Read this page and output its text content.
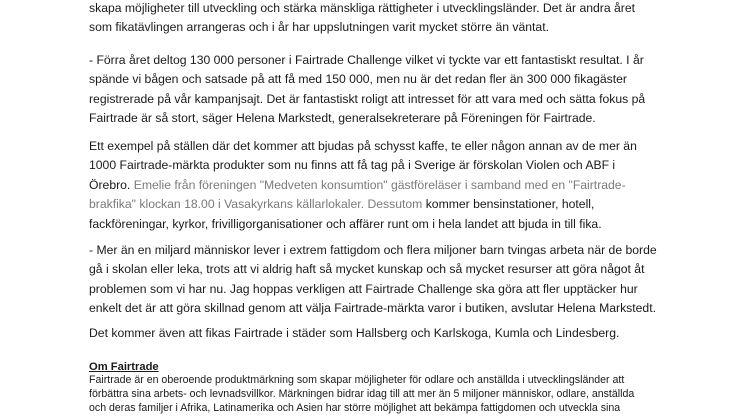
skapa möjligheter till utveckling och stärka mänskliga rättigheter i utvecklingsländer. Det är andra året
som fikatävlingen arrangeras och i år har uppslutningen varit mycket större än väntat.

- Förra året deltog 130 000 personer i Fairtrade Challenge vilket vi tyckte var ett fantastiskt resultat. I år
spände vi bågen och satsade på att få med 150 000, men nu är det redan fler än 300 000 fikagäster
registrerade på vår kampanjsajt. Det är fantastiskt roligt att intresset för att vara med och sätta fokus på
Fairtrade är så stort, säger Helena Markstedt, generalsekreterare på Föreningen för Fairtrade.

Ett exempel på ställen där det kommer att bjudas på schysst kaffe, te eller någon annan av de mer än
1000 Fairtrade-märkta produkter som nu finns att få tag på i Sverige är förskolan Violen och ABF i
Örebro. Emelie från föreningen "Medveten konsumtion" gästföreläser i samband med en "Fairtrade-
brakfika" klockan 18.00 i Vasakyrkans källarlokaler. Dessutom kommer bensinstationer, hotell,
fackföreningar, kyrkor, frivilligorganisationer och affärer runt om i hela landet att bjuda in till fika.

- Mer än en miljard människor lever i extrem fattigdom och flera miljoner barn tvingas arbeta när de borde
gå i skolan eller leka, trots att vi aldrig haft så mycket kunskap och så mycket resurser att göra något åt
problemen som vi har nu. Jag hoppas verkligen att Fairtrade Challenge ska göra att fler upptäcker hur
enkelt det är att göra skillnad genom att välja Fairtrade-märkta varor i butiken, avslutar Helena Markstedt.

Det kommer även att fikas Fairtrade i städer som Hallsberg och Karlskoga, Kumla och Lindesberg.

Om Fairtrade
Fairtrade är en oberoende produktmärkning som skapar möjligheter för odlare och anställda i utvecklingsländer att
förbättra sina arbets- och levnadsvillkor. Märkningen bidrar idag till att mer än 5 miljoner människor, odlare, anställda
och deras familjer i Afrika, Latinamerika och Asien har större möjlighet att bekämpa fattigdomen och utveckla sina
